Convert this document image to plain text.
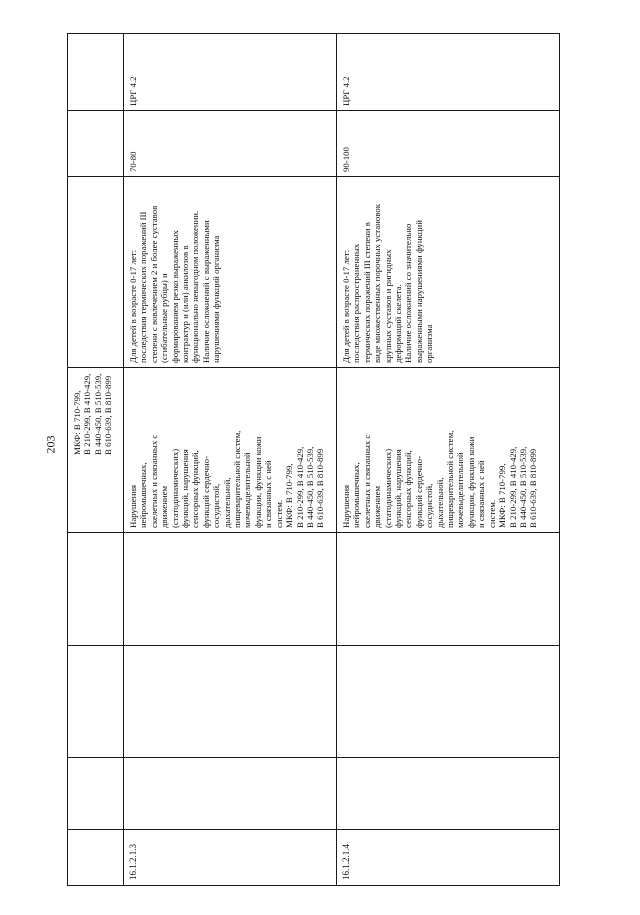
203 МКФ: B 710-799,
B 210-299, B 410-429,
B 440-450, B 510-539,
B 610-639, B 810-899
16.1.2.1.3
Нарушения
нейромышечных,
скелетных и связанных с
движением
(статодинамических)
функций, нарушения
сенсорных функций,
функций сердечно-
сосудистой,
дыхательной,
пищеварительной систем,
мочевыделительной
функции, функции кожи
и связанных с ней
систем.
МКФ: B 710-799,
B 210-299, B 410-429,
B 440-450, B 510-539,
B 610-639, B 810-899
Для детей в возрасте 0-17 лет:
последствия термических поражений III
степени с вовлечением 2 и более суставов
(сгибательные рубцы) и
формированием резко выраженных
контрактур и (или) анкилозов в
функционально невыгодном положении.
Наличие осложнений с выраженными
нарушениями функций организма
70-80
ЦРГ 4.2
16.1.2.1.4
Нарушения
нейромышечных,
скелетных и связанных с
движением
(статодинамических)
функций, нарушения
сенсорных функций,
функций сердечно-
сосудистой,
дыхательной,
пищеварительной систем,
мочевыделительной
функции, функции кожи
и связанных с ней
систем.
МКФ: B 710-799,
B 210-299, B 410-429,
B 440-450, B 510-539,
B 610-639, B 810-899
Для детей в возрасте 0-17 лет:
последствия распространенных
термических поражений III степени в
виде множественных порочных установок
крупных суставов и ригидных
деформаций скелета.
Наличие осложнений со значительно
выраженными нарушениями функций
организма
90-100
ЦРГ 4.2
